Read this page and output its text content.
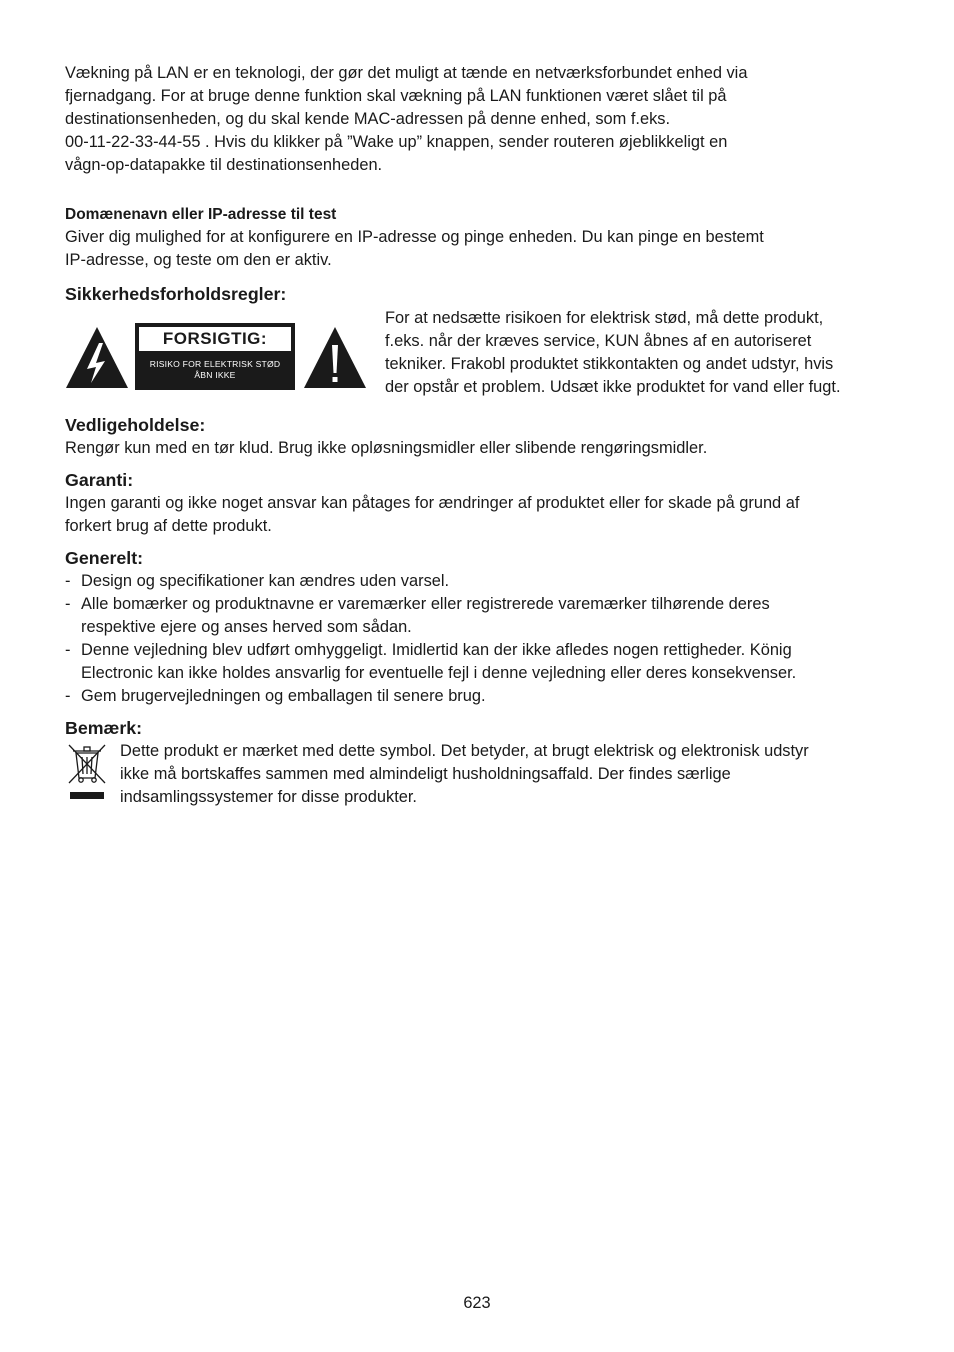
Vækning på LAN er en teknologi, der gør det muligt at tænde en netværksforbundet enhed via
fjernadgang. For at bruge denne funktion skal vækning på LAN funktionen været slået til på
destinationsenheden, og du skal kende MAC-adressen på denne enhed, som f.eks.
00-11-22-33-44-55 . Hvis du klikker på ”Wake up” knappen, sender routeren øjeblikkeligt en
vågn-op-datapakke til destinationsenheden.

Domænenavn eller IP-adresse til test

Giver dig mulighed for at konfigurere en IP-adresse og pinge enheden. Du kan pinge en bestemt
IP-adresse, og teste om den er aktiv.

Sikkerhedsforholdsregler:

FORSIGTIG:
RISIKO FOR ELEKTRISK STØD
ÅBN IKKE

For at nedsætte risikoen for elektrisk stød, må dette produkt,
f.eks. når der kræves service, KUN åbnes af en autoriseret
tekniker. Frakobl produktet stikkontakten og andet udstyr, hvis
der opstår et problem. Udsæt ikke produktet for vand eller fugt.

Vedligeholdelse:

Rengør kun med en tør klud. Brug ikke opløsningsmidler eller slibende rengøringsmidler.

Garanti:

Ingen garanti og ikke noget ansvar kan påtages for ændringer af produktet eller for skade på grund af
forkert brug af dette produkt.

Generelt:

- Design og specifikationer kan ændres uden varsel.
- Alle bomærker og produktnavne er varemærker eller registrerede varemærker tilhørende deres
respektive ejere og anses herved som sådan.
- Denne vejledning blev udført omhyggeligt. Imidlertid kan der ikke afledes nogen rettigheder. König
Electronic kan ikke holdes ansvarlig for eventuelle fejl i denne vejledning eller deres konsekvenser.
- Gem brugervejledningen og emballagen til senere brug.

Bemærk:

Dette produkt er mærket med dette symbol. Det betyder, at brugt elektrisk og elektronisk udstyr
ikke må bortskaffes sammen med almindeligt husholdningsaffald. Der findes særlige
indsamlingssystemer for disse produkter.

623
